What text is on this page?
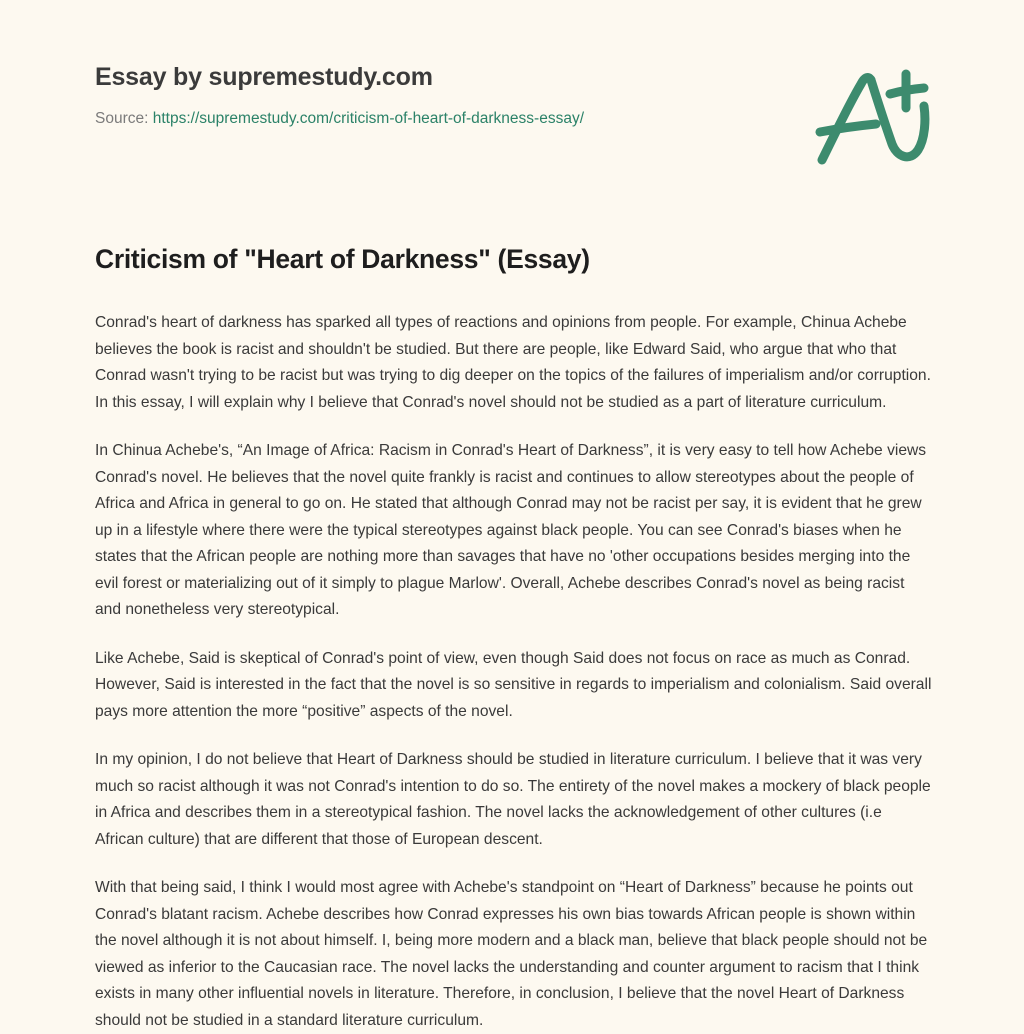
Essay by supremestudy.com
Source: https://supremestudy.com/criticism-of-heart-of-darkness-essay/
Criticism of "Heart of Darkness" (Essay)

Conrad's heart of darkness has sparked all types of reactions and opinions from people. For example, Chinua Achebe believes the book is racist and shouldn't be studied. But there are people, like Edward Said, who argue that who that Conrad wasn't trying to be racist but was trying to dig deeper on the topics of the failures of imperialism and/or corruption. In this essay, I will explain why I believe that Conrad's novel should not be studied as a part of literature curriculum.

In Chinua Achebe's, “An Image of Africa: Racism in Conrad's Heart of Darkness”, it is very easy to tell how Achebe views Conrad's novel. He believes that the novel quite frankly is racist and continues to allow stereotypes about the people of Africa and Africa in general to go on. He stated that although Conrad may not be racist per say, it is evident that he grew up in a lifestyle where there were the typical stereotypes against black people. You can see Conrad's biases when he states that the African people are nothing more than savages that have no 'other occupations besides merging into the evil forest or materializing out of it simply to plague Marlow'. Overall, Achebe describes Conrad's novel as being racist and nonetheless very stereotypical.

Like Achebe, Said is skeptical of Conrad's point of view, even though Said does not focus on race as much as Conrad. However, Said is interested in the fact that the novel is so sensitive in regards to imperialism and colonialism. Said overall pays more attention the more “positive” aspects of the novel.

In my opinion, I do not believe that Heart of Darkness should be studied in literature curriculum. I believe that it was very much so racist although it was not Conrad's intention to do so. The entirety of the novel makes a mockery of black people in Africa and describes them in a stereotypical fashion. The novel lacks the acknowledgement of other cultures (i.e African culture) that are different that those of European descent.

With that being said, I think I would most agree with Achebe's standpoint on “Heart of Darkness” because he points out Conrad's blatant racism. Achebe describes how Conrad expresses his own bias towards African people is shown within the novel although it is not about himself. I, being more modern and a black man, believe that black people should not be viewed as inferior to the Caucasian race. The novel lacks the understanding and counter argument to racism that I think exists in many other influential novels in literature. Therefore, in conclusion, I believe that the novel Heart of Darkness should not be studied in a standard literature curriculum.
